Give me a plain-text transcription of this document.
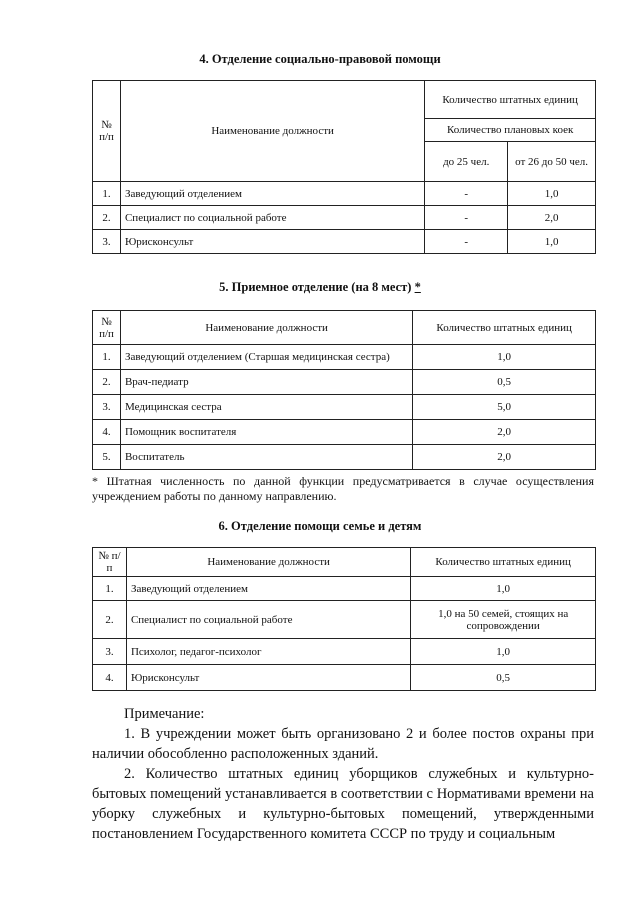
4. Отделение социально-правовой помощи
№ п/п	Наименование должности	Количество штатных единиц	
		Количество плановых коек	
		до 25 чел.	от 26 до 50 чел.
1.	Заведующий отделением	-	1,0
2.	Специалист по социальной работе	-	2,0
3.	Юрисконсульт	-	1,0
5. Приемное отделение (на 8 мест) *
№ п/п	Наименование должности	Количество штатных единиц
1.	Заведующий отделением (Старшая медицинская сестра)	1,0
2.	Врач-педиатр	0,5
3.	Медицинская сестра	5,0
4.	Помощник воспитателя	2,0
5.	Воспитатель	2,0
* Штатная численность по данной функции предусматривается в случае осуществления учреждением работы по данному направлению.
6. Отделение помощи семье и детям
№ п/п	Наименование должности	Количество штатных единиц
1.	Заведующий отделением	1,0
2.	Специалист по социальной работе	1,0 на 50 семей, стоящих на сопровождении
3.	Психолог, педагог-психолог	1,0
4.	Юрисконсульт	0,5

Примечание:

1. В учреждении может быть организовано 2 и более постов охраны при наличии обособленно расположенных зданий.

2. Количество штатных единиц уборщиков служебных и культурно-бытовых помещений устанавливается в соответствии с Нормативами времени на уборку служебных и культурно-бытовых помещений, утвержденными постановлением Государственного комитета СССР по труду и социальным
